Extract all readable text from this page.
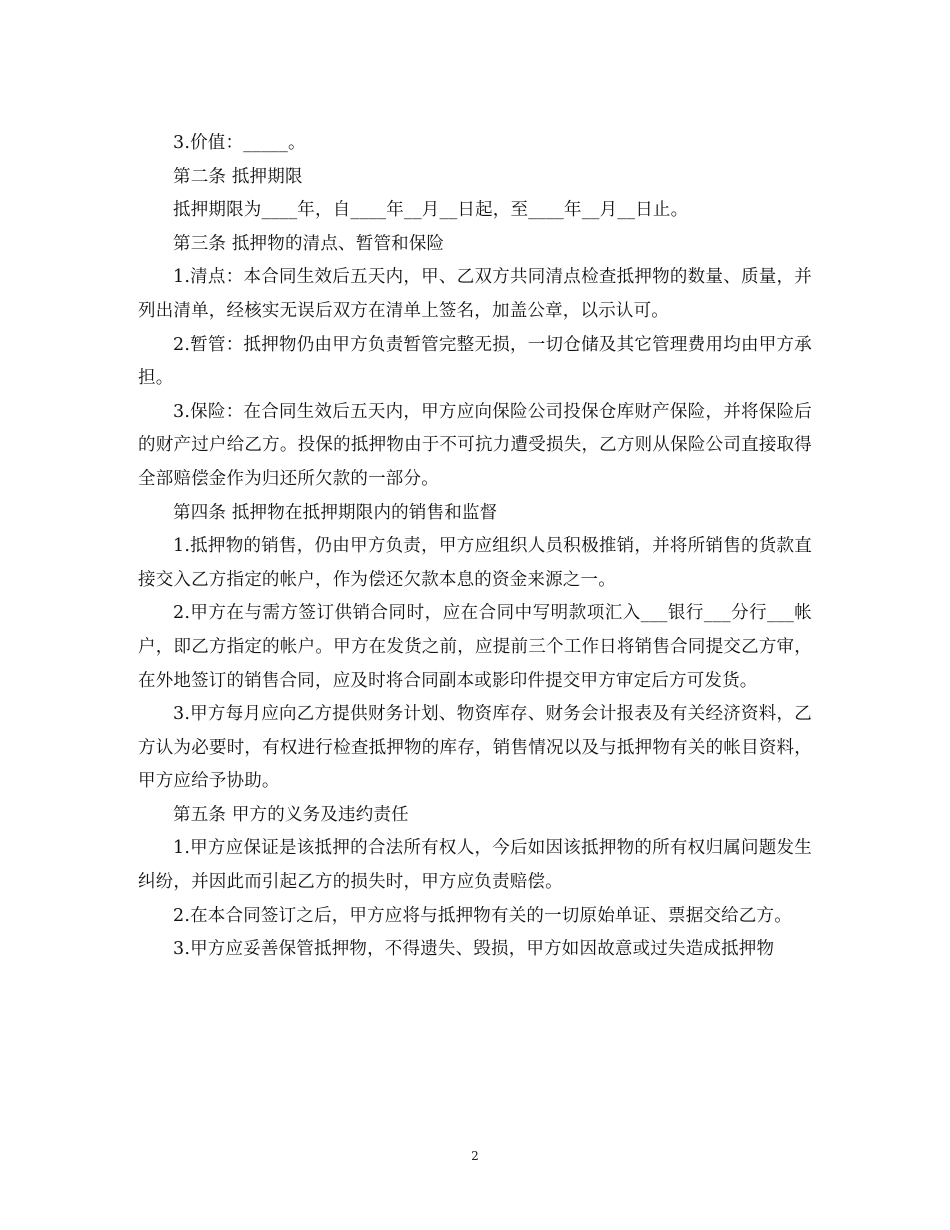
3.价值：_____。

第二条 抵押期限

抵押期限为____年，自____年__月__日起，至____年__月__日止。

第三条 抵押物的清点、暂管和保险

1.清点：本合同生效后五天内，甲、乙双方共同清点检查抵押物的数量、质量，并列出清单，经核实无误后双方在清单上签名，加盖公章，以示认可。

2.暂管：抵押物仍由甲方负责暂管完整无损，一切仓储及其它管理费用均由甲方承担。

3.保险：在合同生效后五天内，甲方应向保险公司投保仓库财产保险，并将保险后的财产过户给乙方。投保的抵押物由于不可抗力遭受损失，乙方则从保险公司直接取得全部赔偿金作为归还所欠款的一部分。

第四条 抵押物在抵押期限内的销售和监督

1.抵押物的销售，仍由甲方负责，甲方应组织人员积极推销，并将所销售的货款直接交入乙方指定的帐户，作为偿还欠款本息的资金来源之一。

2.甲方在与需方签订供销合同时，应在合同中写明款项汇入___银行___分行___帐户，即乙方指定的帐户。甲方在发货之前，应提前三个工作日将销售合同提交乙方审，在外地签订的销售合同，应及时将合同副本或影印件提交甲方审定后方可发货。

3.甲方每月应向乙方提供财务计划、物资库存、财务会计报表及有关经济资料，乙方认为必要时，有权进行检查抵押物的库存，销售情况以及与抵押物有关的帐目资料，甲方应给予协助。

第五条 甲方的义务及违约责任

1.甲方应保证是该抵押的合法所有权人，今后如因该抵押物的所有权归属问题发生纠纷，并因此而引起乙方的损失时，甲方应负责赔偿。

2.在本合同签订之后，甲方应将与抵押物有关的一切原始单证、票据交给乙方。

3.甲方应妥善保管抵押物，不得遗失、毁损，甲方如因故意或过失造成抵押物

2
